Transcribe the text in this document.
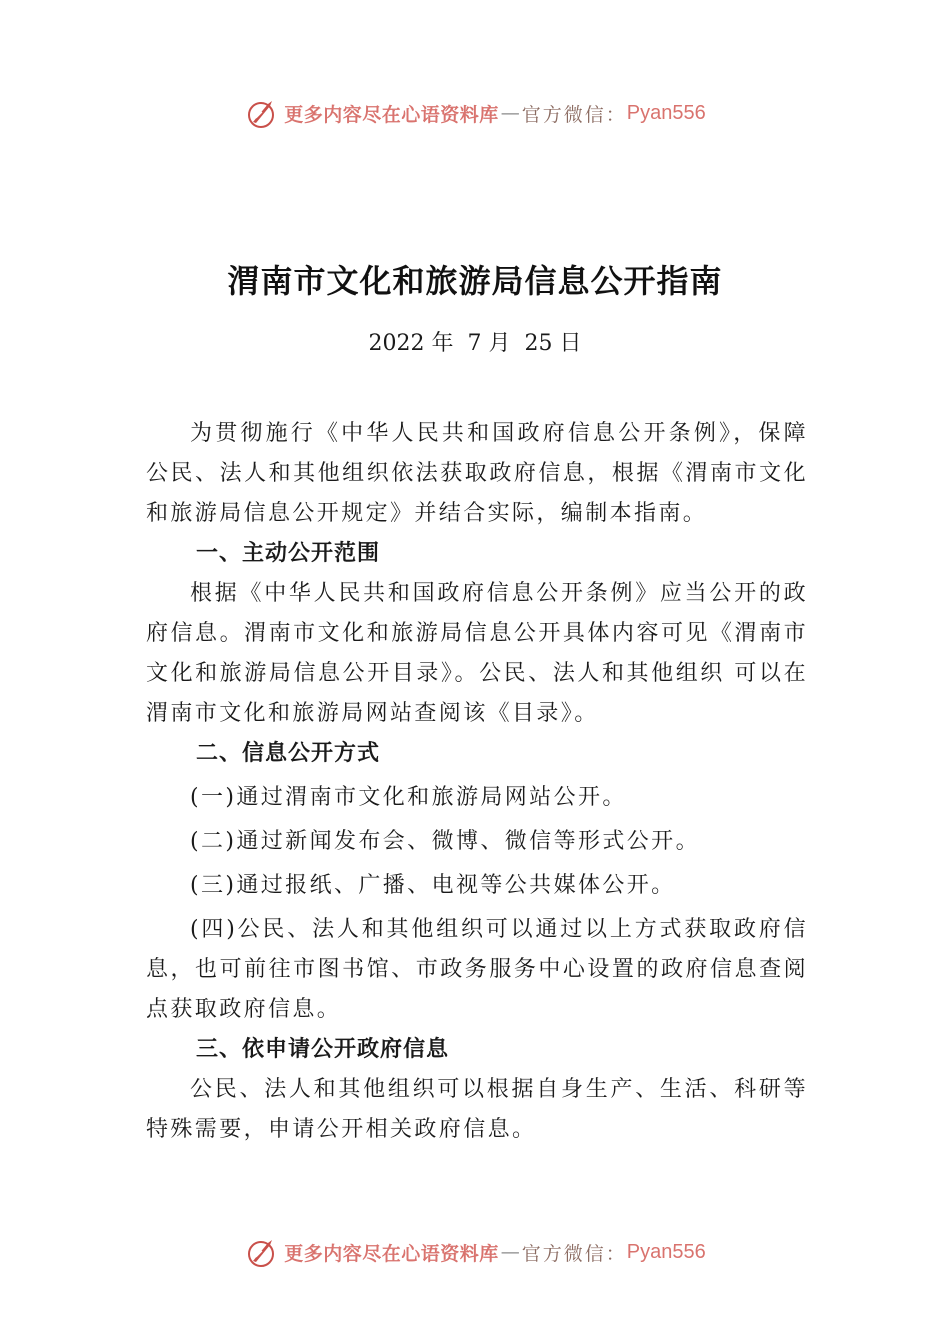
更多内容尽在心语资料库 — 官方微信： Pyan556
渭南市文化和旅游局信息公开指南
2022 年  7 月  25 日

为贯彻施行《中华人民共和国政府信息公开条例》，保障公民、法人和其他组织依法获取政府信息，根据《渭南市文化和旅游局信息公开规定》并结合实际，编制本指南。

一、主动公开范围

根据《中华人民共和国政府信息公开条例》应当公开的政府信息。渭南市文化和旅游局信息公开具体内容可见《渭南市文化和旅游局信息公开目录》。公民、法人和其他组织 可以在渭南市文化和旅游局网站查阅该《目录》。

二、信息公开方式

(一)通过渭南市文化和旅游局网站公开。

(二)通过新闻发布会、微博、微信等形式公开。

(三)通过报纸、广播、电视等公共媒体公开。

(四)公民、法人和其他组织可以通过以上方式获取政府信息，也可前往市图书馆、市政务服务中心设置的政府信息查阅点获取政府信息。

三、依申请公开政府信息

公民、法人和其他组织可以根据自身生产、生活、科研等特殊需要，申请公开相关政府信息。

更多内容尽在心语资料库 — 官方微信： Pyan556
